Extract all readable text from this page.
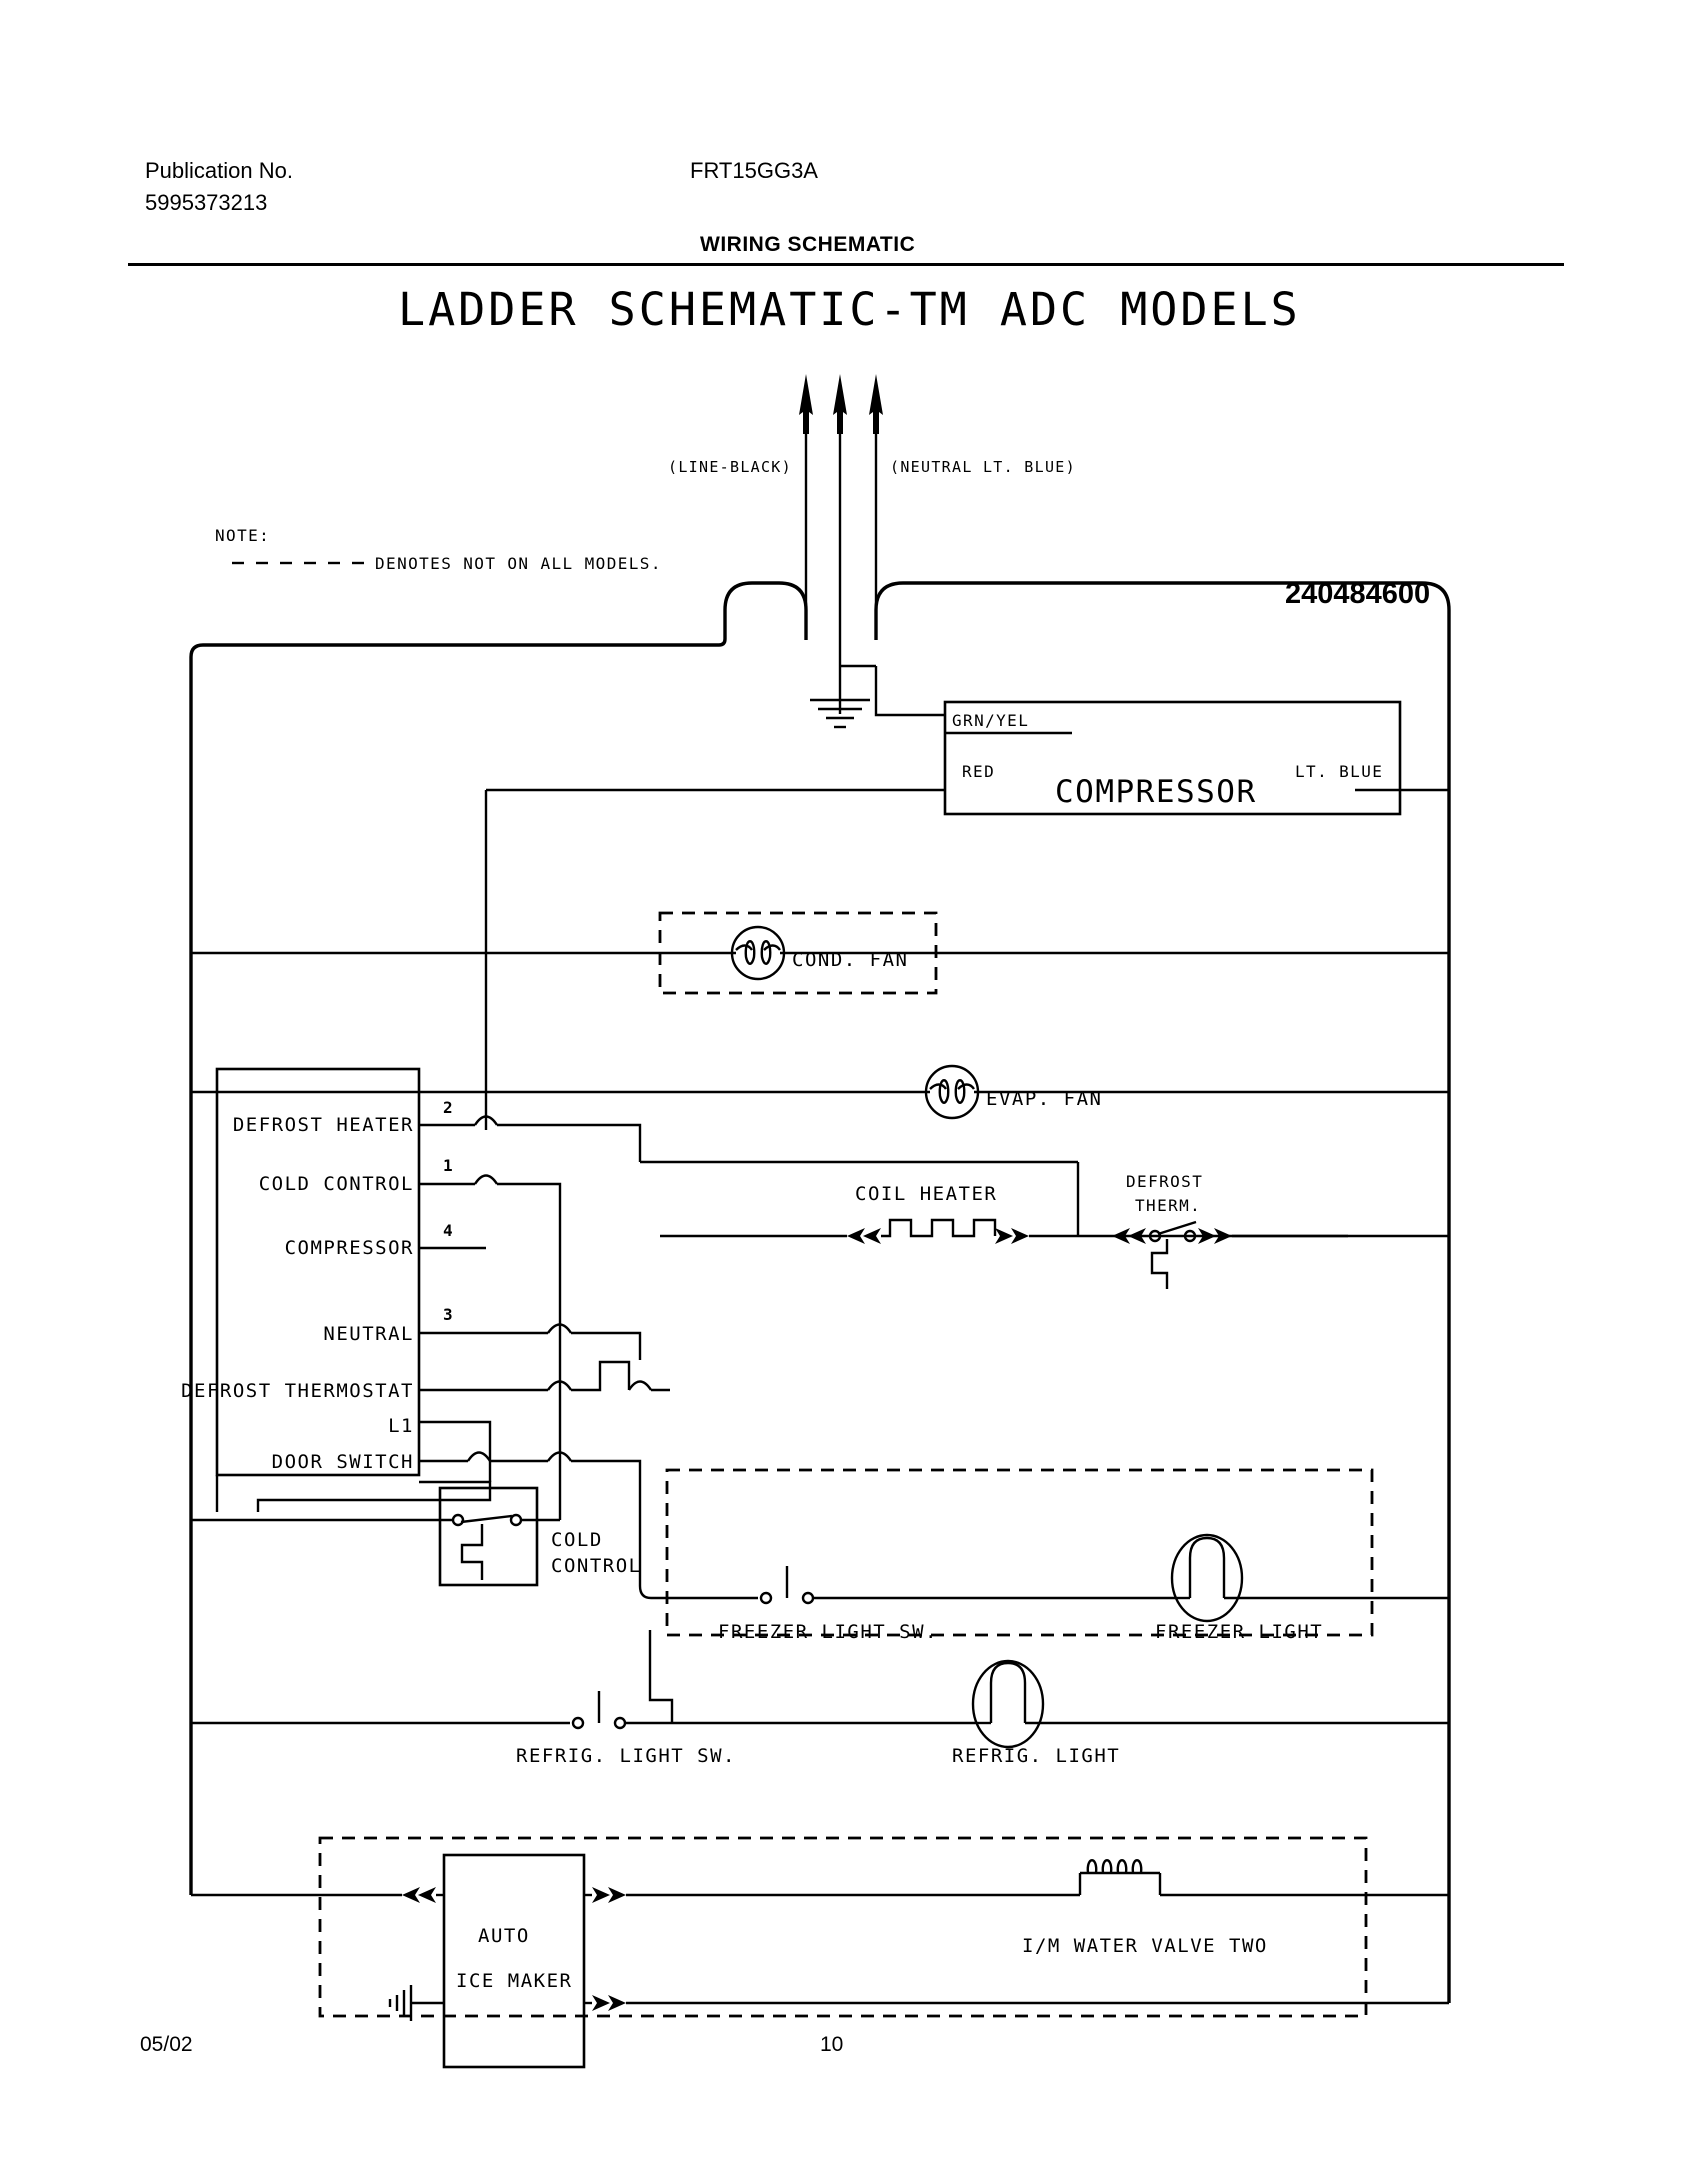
Publication No.
5995373213
FRT15GG3A
WIRING SCHEMATIC
240484600
05/02	10
LADDER SCHEMATIC-TM ADC MODELS
NOTE:
DENOTES NOT ON ALL MODELS.
(LINE-BLACK)	(NEUTRAL LT. BLUE)
COMPRESSOR
GRN/YEL
RED	LT. BLUE
COND. FAN
EVAP. FAN
DEFROST HEATER
2
COIL HEATER
DEFROST
THERM.
COLD CONTROL
1
COMPRESSOR
4
NEUTRAL
3
DEFROST THERMOSTAT
L1
DOOR SWITCH
COLD
CONTROL
FREEZER LIGHT SW.	FREEZER LIGHT
REFRIG. LIGHT SW.	REFRIG. LIGHT
AUTO
ICE MAKER
I/M WATER VALVE TWO
